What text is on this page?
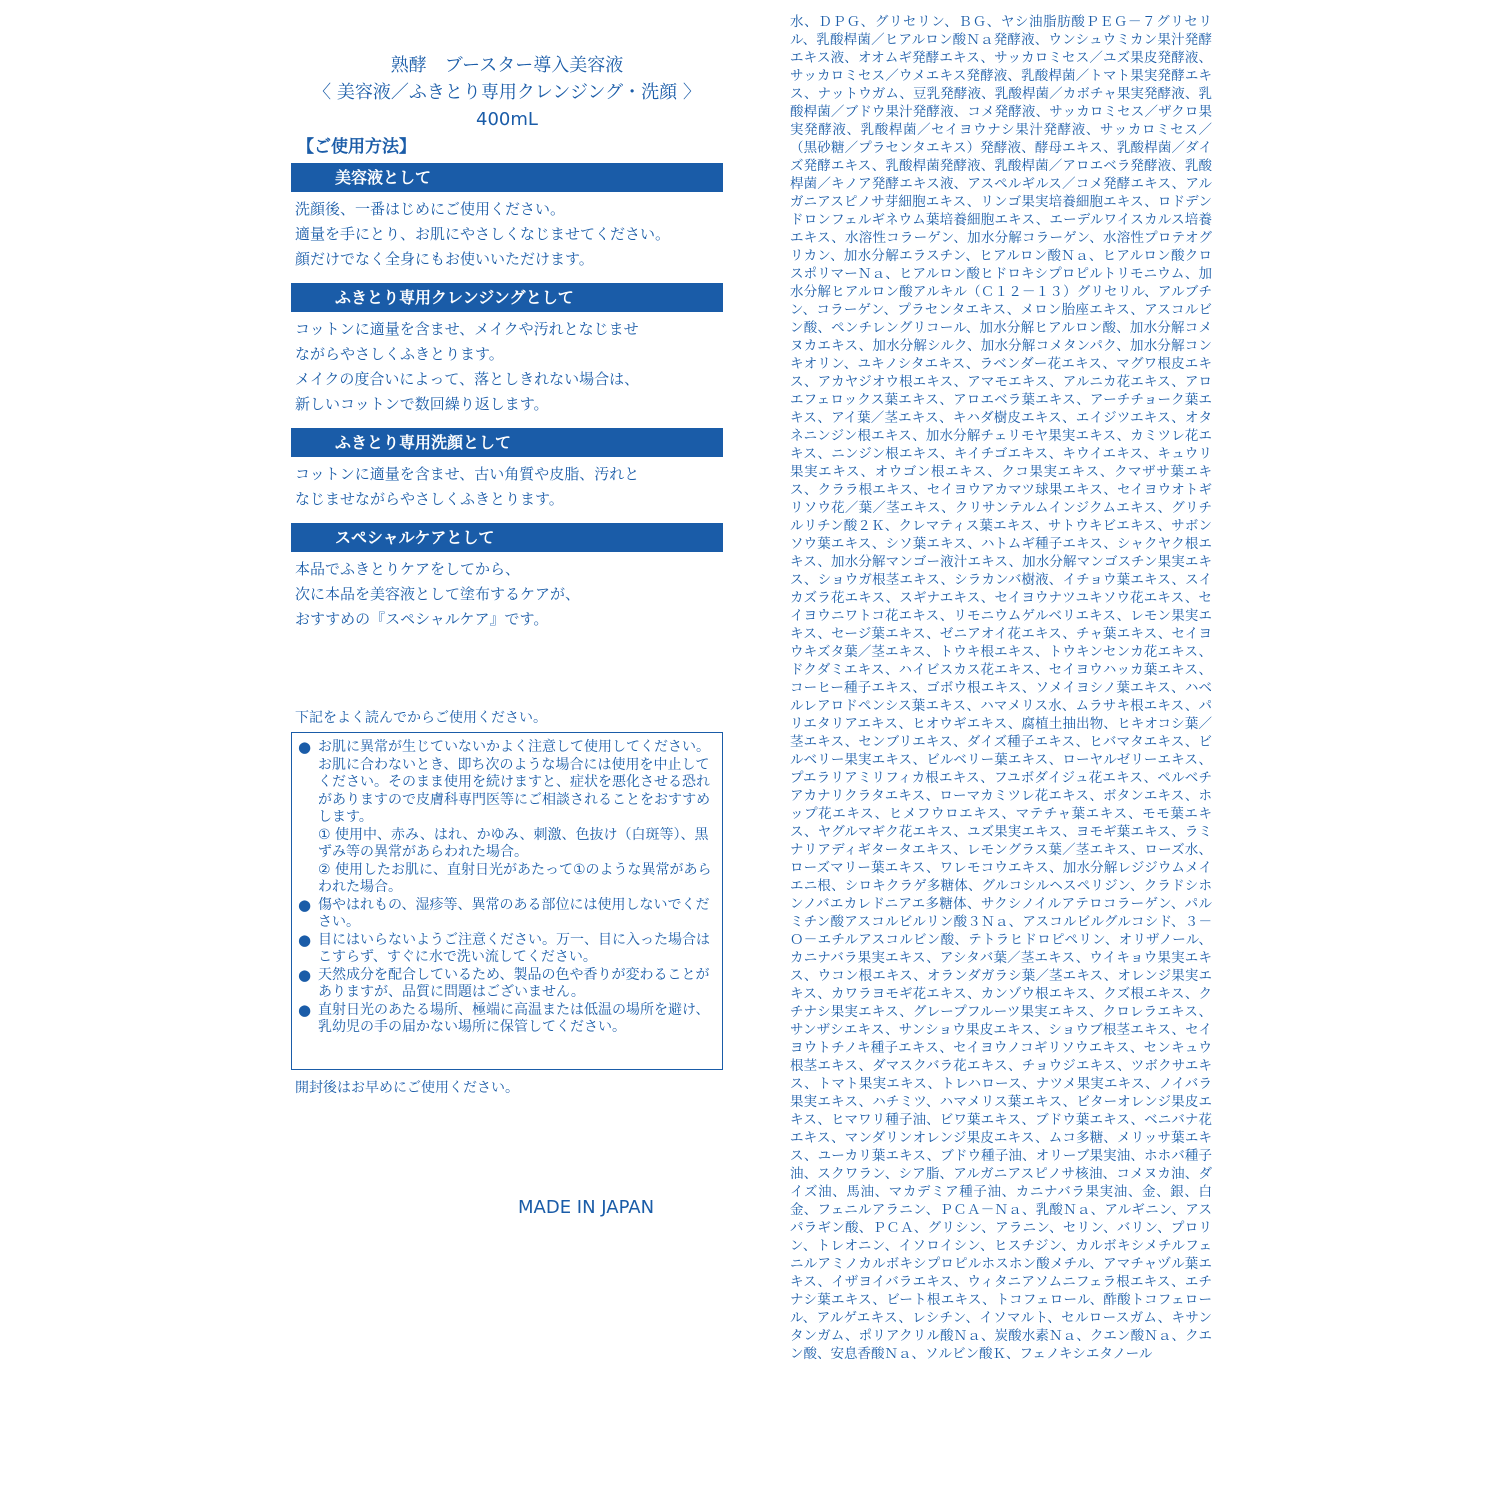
熟酵　ブースター導入美容液

〈 美容液／ふきとり専用クレンジング・洗顔 〉

400mL

【ご使用方法】
美容液として
洗顔後、一番はじめにご使用ください。
適量を手にとり、お肌にやさしくなじませてください。
顔だけでなく全身にもお使いいただけます。
ふきとり専用クレンジングとして
コットンに適量を含ませ、メイクや汚れとなじませ
ながらやさしくふきとります。
メイクの度合いによって、落としきれない場合は、
新しいコットンで数回繰り返します。
ふきとり専用洗顔として
コットンに適量を含ませ、古い角質や皮脂、汚れと
なじませながらやさしくふきとります。
スペシャルケアとして
本品でふきとりケアをしてから、
次に本品を美容液として塗布するケアが、
おすすめの『スペシャルケア』です。
下記をよく読んでからご使用ください。
● お肌に異常が生じていないかよく注意して使用してください。お肌に合わないとき、即ち次のような場合には使用を中止してください。そのまま使用を続けますと、症状を悪化させる恐れがありますので皮膚科専門医等にご相談されることをおすすめします。
① 使用中、赤み、はれ、かゆみ、刺激、色抜け（白斑等）、黒ずみ等の異常があらわれた場合。
② 使用したお肌に、直射日光があたって①のような異常があらわれた場合。
● 傷やはれもの、湿疹等、異常のある部位には使用しないでください。
● 目にはいらないようご注意ください。万一、目に入った場合はこすらず、すぐに水で洗い流してください。
● 天然成分を配合しているため、製品の色や香りが変わることがありますが、品質に問題はございません。
● 直射日光のあたる場所、極端に高温または低温の場所を避け、乳幼児の手の届かない場所に保管してください。
開封後はお早めにご使用ください。
MADE IN JAPAN
水、ＤＰＧ、グリセリン、ＢＧ、ヤシ油脂肪酸ＰＥＧ－７グリセリル、乳酸桿菌／ヒアルロン酸Ｎａ発酵液、ウンシュウミカン果汁発酵エキス液、オオムギ発酵エキス、サッカロミセス／ユズ果皮発酵液、サッカロミセス／ウメエキス発酵液、乳酸桿菌／トマト果実発酵エキス、ナットウガム、豆乳発酵液、乳酸桿菌／カボチャ果実発酵液、乳酸桿菌／ブドウ果汁発酵液、コメ発酵液、サッカロミセス／ザクロ果実発酵液、乳酸桿菌／セイヨウナシ果汁発酵液、サッカロミセス／（黒砂糖／プラセンタエキス）発酵液、酵母エキス、乳酸桿菌／ダイズ発酵エキス、乳酸桿菌発酵液、乳酸桿菌／アロエベラ発酵液、乳酸桿菌／キノア発酵エキス液、アスペルギルス／コメ発酵エキス、アルガニアスピノサ芽細胞エキス、リンゴ果実培養細胞エキス、ロドデンドロンフェルギネウム葉培養細胞エキス、エーデルワイスカルス培養エキス、水溶性コラーゲン、加水分解コラーゲン、水溶性プロテオグリカン、加水分解エラスチン、ヒアルロン酸Ｎａ、ヒアルロン酸クロスポリマーＮａ、ヒアルロン酸ヒドロキシプロピルトリモニウム、加水分解ヒアルロン酸アルキル（Ｃ１２－１３）グリセリル、アルブチン、コラーゲン、プラセンタエキス、メロン胎座エキス、アスコルビン酸、ペンチレングリコール、加水分解ヒアルロン酸、加水分解コメヌカエキス、加水分解シルク、加水分解コメタンパク、加水分解コンキオリン、ユキノシタエキス、ラベンダー花エキス、マグワ根皮エキス、アカヤジオウ根エキス、アマモエキス、アルニカ花エキス、アロエフェロックス葉エキス、アロエベラ葉エキス、アーチチョーク葉エキス、アイ葉／茎エキス、キハダ樹皮エキス、エイジツエキス、オタネニンジン根エキス、加水分解チェリモヤ果実エキス、カミツレ花エキス、ニンジン根エキス、キイチゴエキス、キウイエキス、キュウリ果実エキス、オウゴン根エキス、クコ果実エキス、クマザサ葉エキス、クララ根エキス、セイヨウアカマツ球果エキス、セイヨウオトギリソウ花／葉／茎エキス、クリサンテルムインジクムエキス、グリチルリチン酸２Ｋ、クレマティス葉エキス、サトウキビエキス、サボンソウ葉エキス、シソ葉エキス、ハトムギ種子エキス、シャクヤク根エキス、加水分解マンゴー液汁エキス、加水分解マンゴスチン果実エキス、ショウガ根茎エキス、シラカンバ樹液、イチョウ葉エキス、スイカズラ花エキス、スギナエキス、セイヨウナツユキソウ花エキス、セイヨウニワトコ花エキス、リモニウムゲルベリエキス、レモン果実エキス、セージ葉エキス、ゼニアオイ花エキス、チャ葉エキス、セイヨウキズタ葉／茎エキス、トウキ根エキス、トウキンセンカ花エキス、ドクダミエキス、ハイビスカス花エキス、セイヨウハッカ葉エキス、コーヒー種子エキス、ゴボウ根エキス、ソメイヨシノ葉エキス、ハベルレアロドペンシス葉エキス、ハマメリス水、ムラサキ根エキス、パリエタリアエキス、ヒオウギエキス、腐植土抽出物、ヒキオコシ葉／茎エキス、センブリエキス、ダイズ種子エキス、ヒバマタエキス、ビルベリー果実エキス、ビルベリー葉エキス、ローヤルゼリーエキス、プエラリアミリフィカ根エキス、フユボダイジュ花エキス、ペルベチアカナリクラタエキス、ローマカミツレ花エキス、ボタンエキス、ホップ花エキス、ヒメフウロエキス、マテチャ葉エキス、モモ葉エキス、ヤグルマギク花エキス、ユズ果実エキス、ヨモギ葉エキス、ラミナリアディギタータエキス、レモングラス葉／茎エキス、ローズ水、ローズマリー葉エキス、ワレモコウエキス、加水分解レジジウムメイエニ根、シロキクラゲ多糖体、グルコシルヘスペリジン、クラドシホンノバエカレドニアエ多糖体、サクシノイルアテロコラーゲン、パルミチン酸アスコルビルリン酸３Ｎａ、アスコルビルグルコシド、３－Ｏ－エチルアスコルビン酸、テトラヒドロピペリン、オリザノール、カニナバラ果実エキス、アシタバ葉／茎エキス、ウイキョウ果実エキス、ウコン根エキス、オランダガラシ葉／茎エキス、オレンジ果実エキス、カワラヨモギ花エキス、カンゾウ根エキス、クズ根エキス、クチナシ果実エキス、グレープフルーツ果実エキス、クロレラエキス、サンザシエキス、サンショウ果皮エキス、ショウブ根茎エキス、セイヨウトチノキ種子エキス、セイヨウノコギリソウエキス、センキュウ根茎エキス、ダマスクバラ花エキス、チョウジエキス、ツボクサエキス、トマト果実エキス、トレハロース、ナツメ果実エキス、ノイバラ果実エキス、ハチミツ、ハマメリス葉エキス、ビターオレンジ果皮エキス、ヒマワリ種子油、ビワ葉エキス、ブドウ葉エキス、ベニバナ花エキス、マンダリンオレンジ果皮エキス、ムコ多糖、メリッサ葉エキス、ユーカリ葉エキス、ブドウ種子油、オリーブ果実油、ホホバ種子油、スクワラン、シア脂、アルガニアスピノサ核油、コメヌカ油、ダイズ油、馬油、マカデミア種子油、カニナバラ果実油、金、銀、白金、フェニルアラニン、ＰＣＡ－Ｎａ、乳酸Ｎａ、アルギニン、アスパラギン酸、ＰＣＡ、グリシン、アラニン、セリン、バリン、プロリン、トレオニン、イソロイシン、ヒスチジン、カルボキシメチルフェニルアミノカルボキシプロピルホスホン酸メチル、アマチャヅル葉エキス、イザヨイバラエキス、ウィタニアソムニフェラ根エキス、エチナシ葉エキス、ビート根エキス、トコフェロール、酢酸トコフェロール、アルゲエキス、レシチン、イソマルト、セルロースガム、キサンタンガム、ポリアクリル酸Ｎａ、炭酸水素Ｎａ、クエン酸Ｎａ、クエン酸、安息香酸Ｎａ、ソルビン酸Ｋ、フェノキシエタノール
